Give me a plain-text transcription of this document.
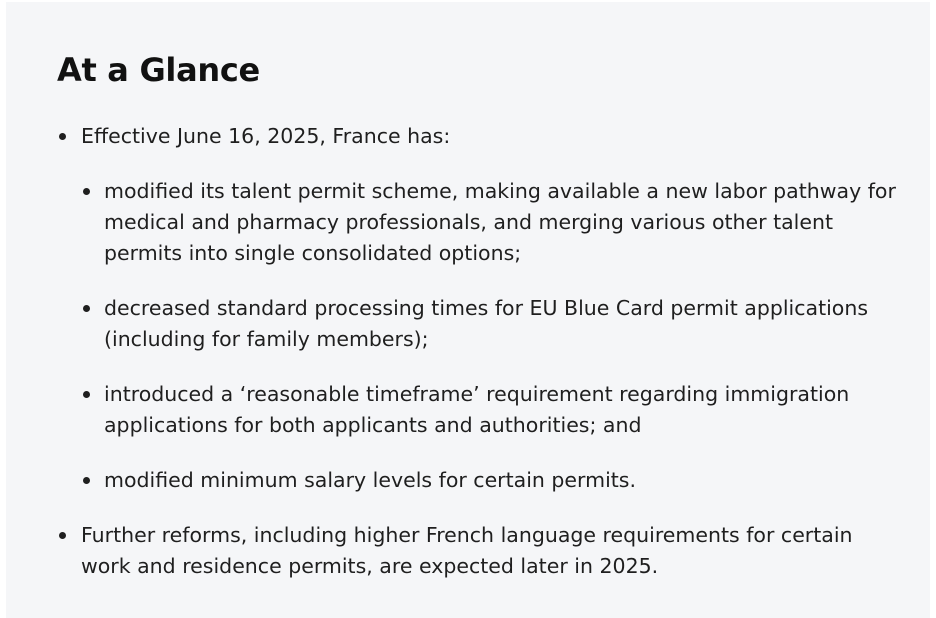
At a Glance
Effective June 16, 2025, France has:
modified its talent permit scheme, making available a new labor pathway for medical and pharmacy professionals, and merging various other talent permits into single consolidated options;
decreased standard processing times for EU Blue Card permit applications (including for family members);
introduced a ‘reasonable timeframe’ requirement regarding immigration applications for both applicants and authorities; and
modified minimum salary levels for certain permits.
Further reforms, including higher French language requirements for certain work and residence permits, are expected later in 2025.
